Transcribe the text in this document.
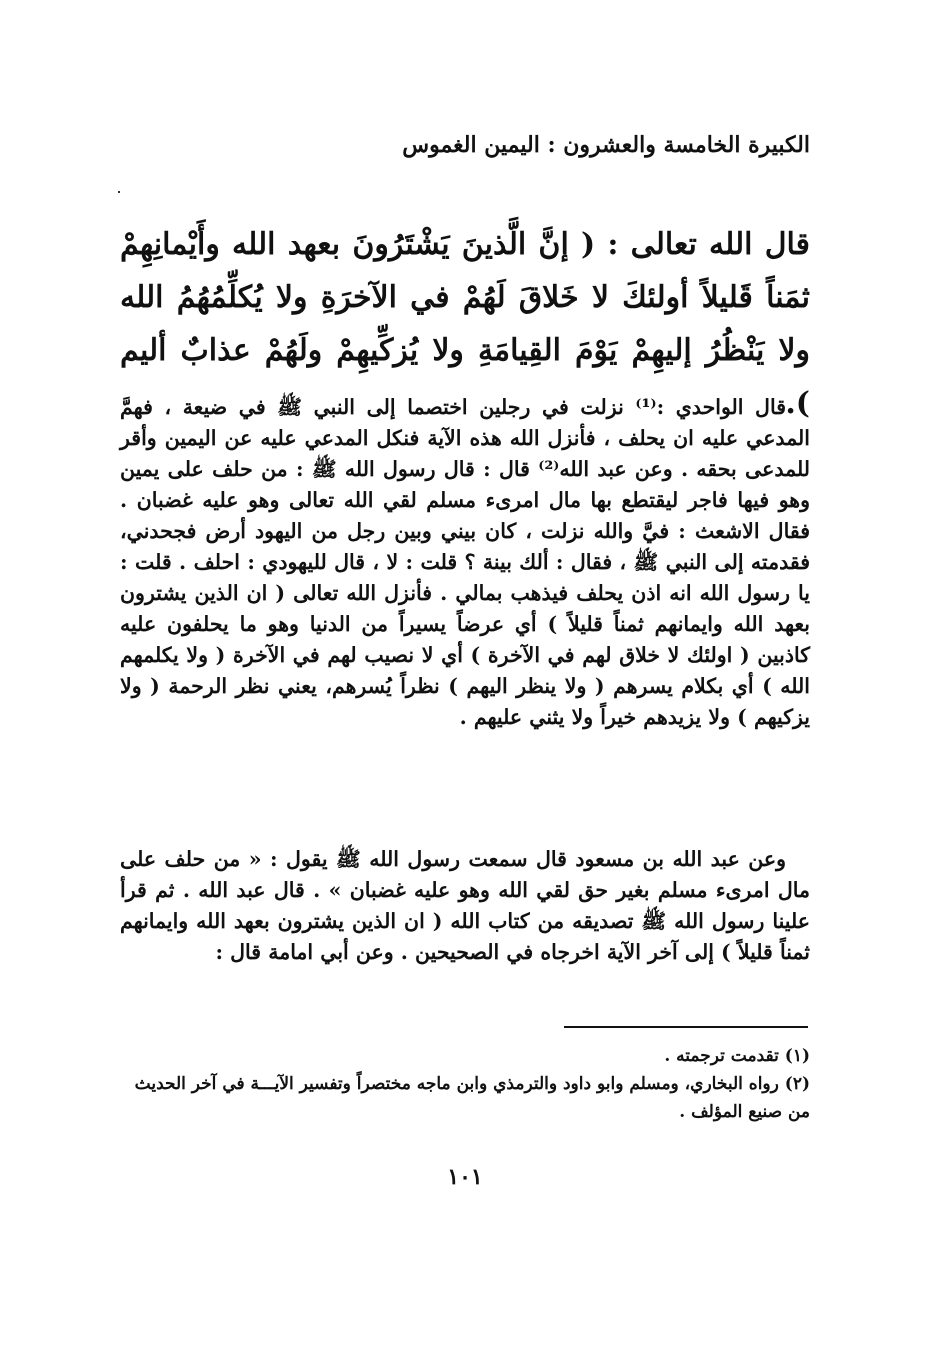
الكبيرة الخامسة والعشرون : اليمين الغموس

قال الله تعالى : ( إنَّ الَّذينَ يَشْتَرُونَ بعهد الله وأَيْمانِهِمْ ثمَناً قَليلاً أولئكَ لا خَلاقَ لَهُمْ في الآخرَةِ ولا يُكلِّمُهُمُ الله ولا يَنْظُرُ إليهِمْ يَوْمَ القِيامَةِ ولا يُزكِّيهِمْ ولَهُمْ عذابٌ أليم ).

قال الواحدي :⁽¹⁾ نزلت في رجلين اختصما إلى النبي ﷺ في ضيعة ، فهمَّ المدعي عليه ان يحلف ، فأنزل الله هذه الآية فنكل المدعي عليه عن اليمين وأقر للمدعى بحقه . وعن عبد الله⁽²⁾ قال : قال رسول الله ﷺ : من حلف على يمين وهو فيها فاجر ليقتطع بها مال امرىء مسلم لقي الله تعالى وهو عليه غضبان . فقال الاشعث : فيَّ والله نزلت ، كان بيني وبين رجل من اليهود أرض فجحدني، فقدمته إلى النبي ﷺ ، فقال : ألك بينة ؟ قلت : لا ، قال لليهودي : احلف . قلت : يا رسول الله انه اذن يحلف فيذهب بمالي . فأنزل الله تعالى ( ان الذين يشترون بعهد الله وايمانهم ثمناً قليلاً ) أي عرضاً يسيراً من الدنيا وهو ما يحلفون عليه كاذبين ( اولئك لا خلاق لهم في الآخرة ) أي لا نصيب لهم في الآخرة ( ولا يكلمهم الله ) أي بكلام يسرهم ( ولا ينظر اليهم ) نظراً يُسرهم، يعني نظر الرحمة ( ولا يزكيهم ) ولا يزيدهم خيراً ولا يثني عليهم .

وعن عبد الله بن مسعود قال سمعت رسول الله ﷺ يقول : « من حلف على مال امرىء مسلم بغير حق لقي الله وهو عليه غضبان » . قال عبد الله . ثم قرأ علينا رسول الله ﷺ تصديقه من كتاب الله ( ان الذين يشترون بعهد الله وايمانهم ثمناً قليلاً ) إلى آخر الآية اخرجاه في الصحيحين . وعن أبي امامة قال :

(١) تقدمت ترجمته .

(٢) رواه البخاري، ومسلم وابو داود والترمذي وابن ماجه مختصراً وتفسير الآيـــة في آخر الحديث من صنيع المؤلف .

١٠١
